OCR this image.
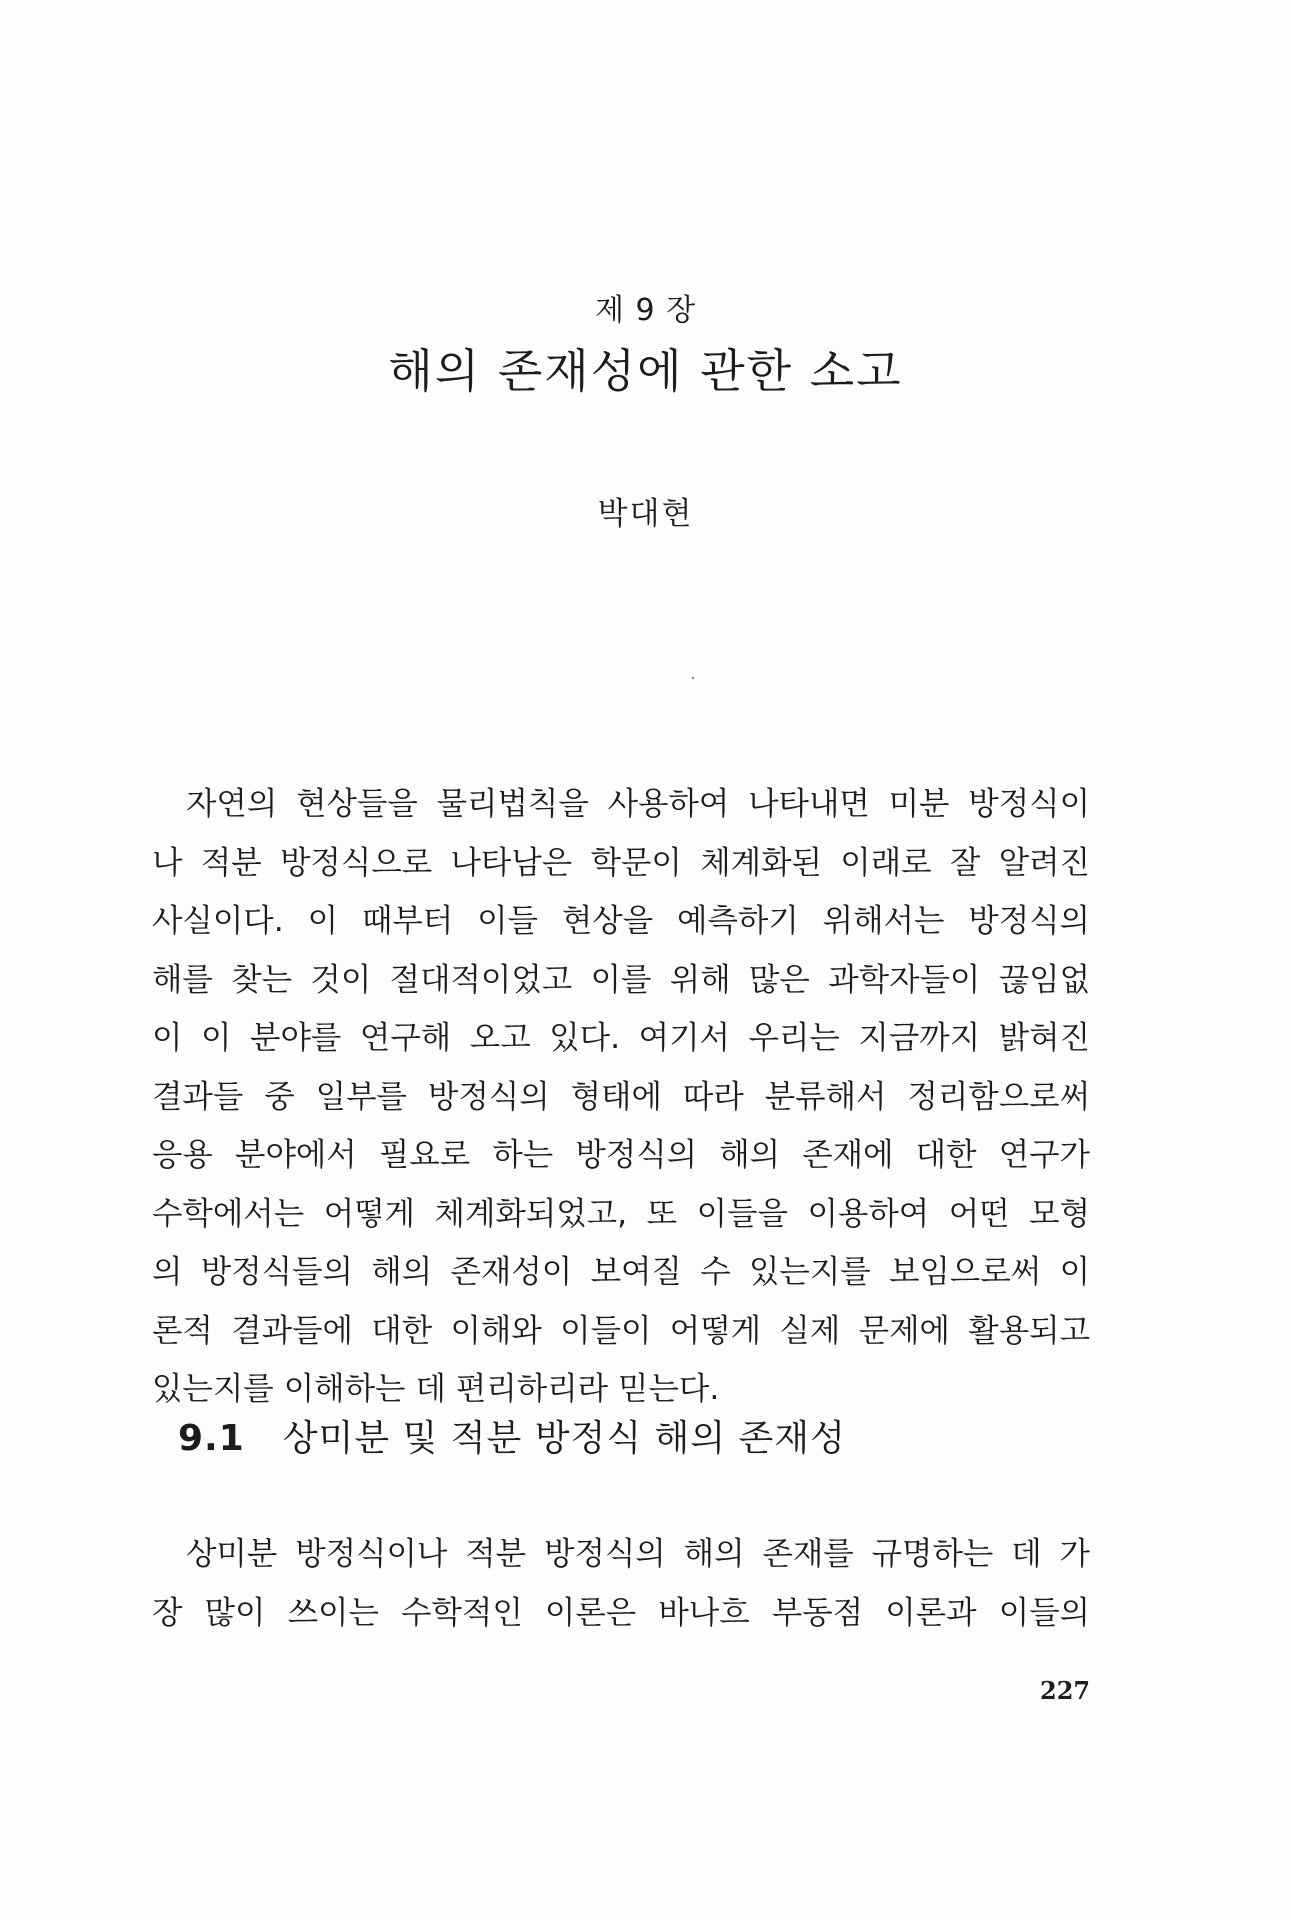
제 9 장
해의 존재성에 관한 소고
박대현
자연의 현상들을 물리법칙을 사용하여 나타내면 미분 방정식이
나 적분 방정식으로 나타남은 학문이 체계화된 이래로 잘 알려진
사실이다. 이 때부터 이들 현상을 예측하기 위해서는 방정식의
해를 찾는 것이 절대적이었고 이를 위해 많은 과학자들이 끊임없
이 이 분야를 연구해 오고 있다. 여기서 우리는 지금까지 밝혀진
결과들 중 일부를 방정식의 형태에 따라 분류해서 정리함으로써
응용 분야에서 필요로 하는 방정식의 해의 존재에 대한 연구가
수학에서는 어떻게 체계화되었고, 또 이들을 이용하여 어떤 모형
의 방정식들의 해의 존재성이 보여질 수 있는지를 보임으로써 이
론적 결과들에 대한 이해와 이들이 어떻게 실제 문제에 활용되고
있는지를 이해하는 데 편리하리라 믿는다.
9.1 상미분 및 적분 방정식 해의 존재성
상미분 방정식이나 적분 방정식의 해의 존재를 규명하는 데 가
장 많이 쓰이는 수학적인 이론은 바나흐 부동점 이론과 이들의
227
